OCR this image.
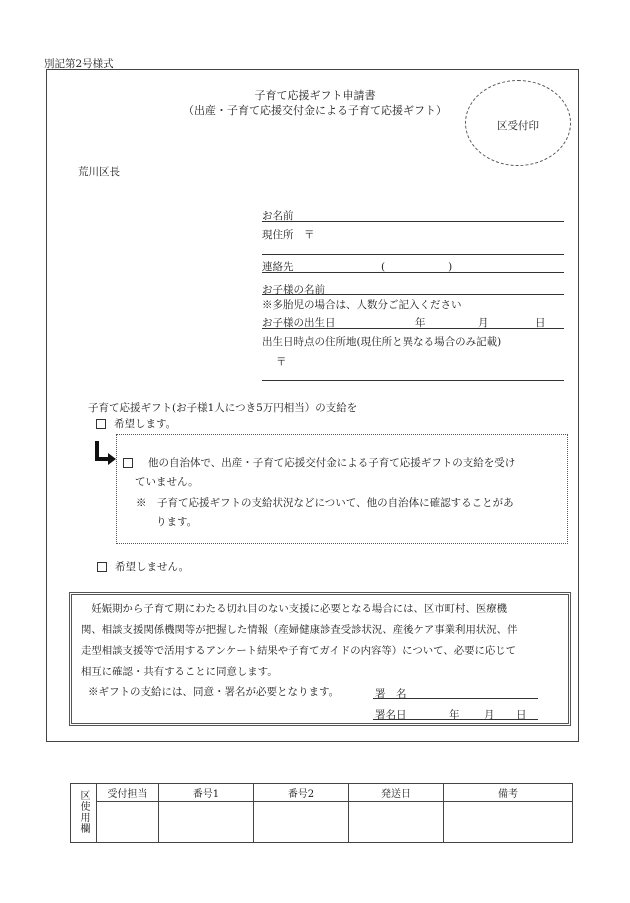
別記第2号様式
子育て応援ギフト申請書
（出産・子育て応援交付金による子育て応援ギフト）
区受付印
荒川区長
お名前
現住所　〒
連絡先	(　　　　　　)
お子様の名前
※多胎児の場合は、人数分ご記入ください
お子様の出生日	年	月	日
出生日時点の住所地(現住所と異なる場合のみ記載)
〒
子育て応援ギフト(お子様1人につき5万円相当）の支給を
希望します。
他の自治体で、出産・子育て応援交付金による子育て応援ギフトの支給を受け
ていません。
※　子育て応援ギフトの支給状況などについて、他の自治体に確認することがあ
ります。
希望しません。
　妊娠期から子育て期にわたる切れ目のない支援に必要となる場合には、区市町村、医療機
関、相談支援関係機関等が把握した情報（産婦健康診査受診状況、産後ケア事業利用状況、伴
走型相談支援等で活用するアンケート結果や子育てガイドの内容等）について、必要に応じて
相互に確認・共有することに同意します。
※ギフトの支給には、同意・署名が必要となります。	署　名
署名日	年 月 日
区使用欄	受付担当	番号1	番号2	発送日	備考
